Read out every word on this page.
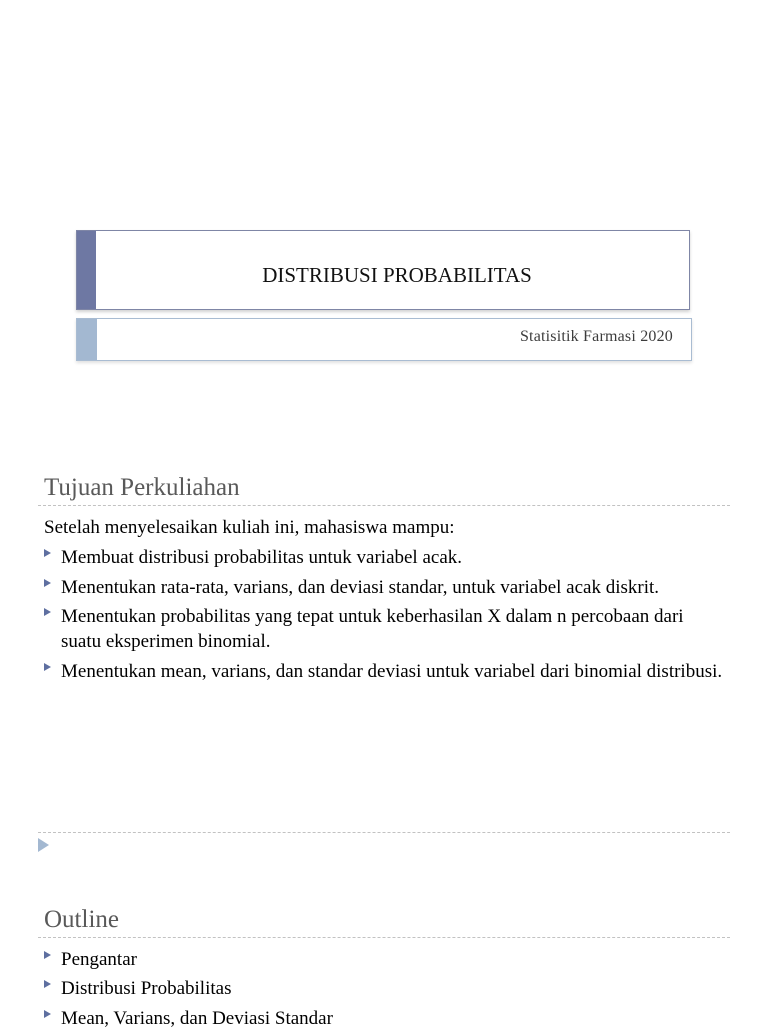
DISTRIBUSI PROBABILITAS
Statisitik Farmasi 2020
Tujuan Perkuliahan
Setelah menyelesaikan kuliah ini, mahasiswa mampu:
Membuat distribusi probabilitas untuk variabel acak.
Menentukan rata-rata, varians, dan deviasi standar, untuk variabel acak diskrit.
Menentukan probabilitas yang tepat untuk keberhasilan X dalam n percobaan dari suatu eksperimen binomial.
Menentukan mean, varians, dan standar deviasi untuk variabel dari binomial distribusi.
Outline
Pengantar
Distribusi Probabilitas
Mean, Varians, dan Deviasi Standar
